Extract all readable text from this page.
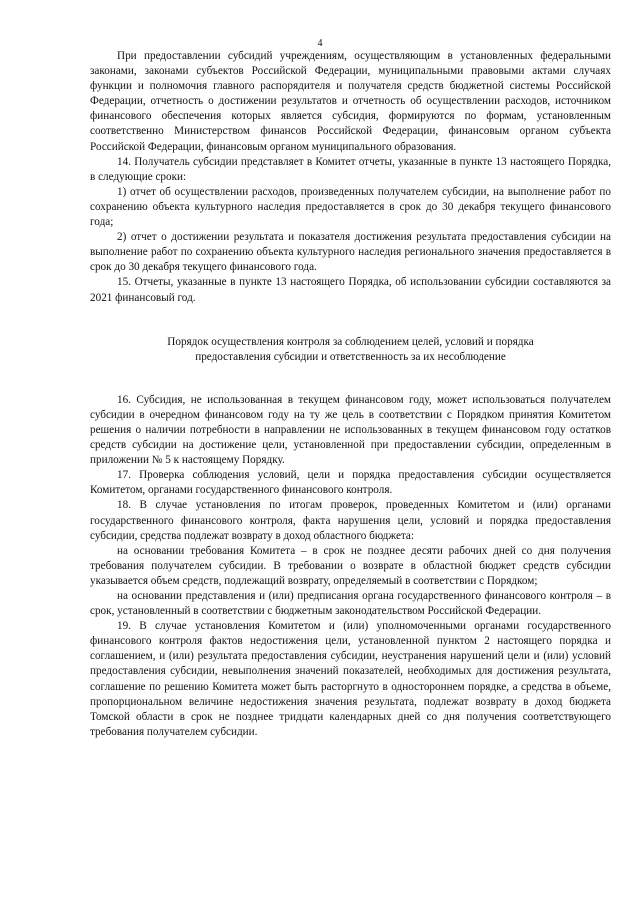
4

При предоставлении субсидий учреждениям, осуществляющим в установленных федеральными законами, законами субъектов Российской Федерации, муниципальными правовыми актами случаях функции и полномочия главного распорядителя и получателя средств бюджетной системы Российской Федерации, отчетность о достижении результатов и отчетность об осуществлении расходов, источником финансового обеспечения которых является субсидия, формируются по формам, установленным соответственно Министерством финансов Российской Федерации, финансовым органом субъекта Российской Федерации, финансовым органом муниципального образования.

14. Получатель субсидии представляет в Комитет отчеты, указанные в пункте 13 настоящего Порядка, в следующие сроки:

1) отчет об осуществлении расходов, произведенных получателем субсидии, на выполнение работ по сохранению объекта культурного наследия предоставляется в срок до 30 декабря текущего финансового года;

2) отчет о достижении результата и показателя достижения результата предоставления субсидии на выполнение работ по сохранению объекта культурного наследия регионального значения предоставляется в срок до 30 декабря текущего финансового года.

15. Отчеты, указанные в пункте 13 настоящего Порядка, об использовании субсидии составляются за 2021 финансовый год.

Порядок осуществления контроля за соблюдением целей, условий и порядка
предоставления субсидии и ответственность за их несоблюдение

16. Субсидия, не использованная в текущем финансовом году, может использоваться получателем субсидии в очередном финансовом году на ту же цель в соответствии с Порядком принятия Комитетом решения о наличии потребности в направлении не использованных в текущем финансовом году остатков средств субсидии на достижение цели, установленной при предоставлении субсидии, определенным в приложении № 5 к настоящему Порядку.

17. Проверка соблюдения условий, цели и порядка предоставления субсидии осуществляется Комитетом, органами государственного финансового контроля.

18. В случае установления по итогам проверок, проведенных Комитетом и (или) органами государственного финансового контроля, факта нарушения цели, условий и порядка предоставления субсидии, средства подлежат возврату в доход областного бюджета:

на основании требования Комитета – в срок не позднее десяти рабочих дней со дня получения требования получателем субсидии. В требовании о возврате в областной бюджет средств субсидии указывается объем средств, подлежащий возврату, определяемый в соответствии с Порядком;

на основании представления и (или) предписания органа государственного финансового контроля – в срок, установленный в соответствии с бюджетным законодательством Российской Федерации.

19. В случае установления Комитетом и (или) уполномоченными органами государственного финансового контроля фактов недостижения цели, установленной пунктом 2 настоящего порядка и соглашением, и (или) результата предоставления субсидии, неустранения нарушений цели и (или) условий предоставления субсидии, невыполнения значений показателей, необходимых для достижения результата, соглашение по решению Комитета может быть расторгнуто в одностороннем порядке, а средства в объеме, пропорциональном величине недостижения значения результата, подлежат возврату в доход бюджета Томской области в срок не позднее тридцати календарных дней со дня получения соответствующего требования получателем субсидии.
